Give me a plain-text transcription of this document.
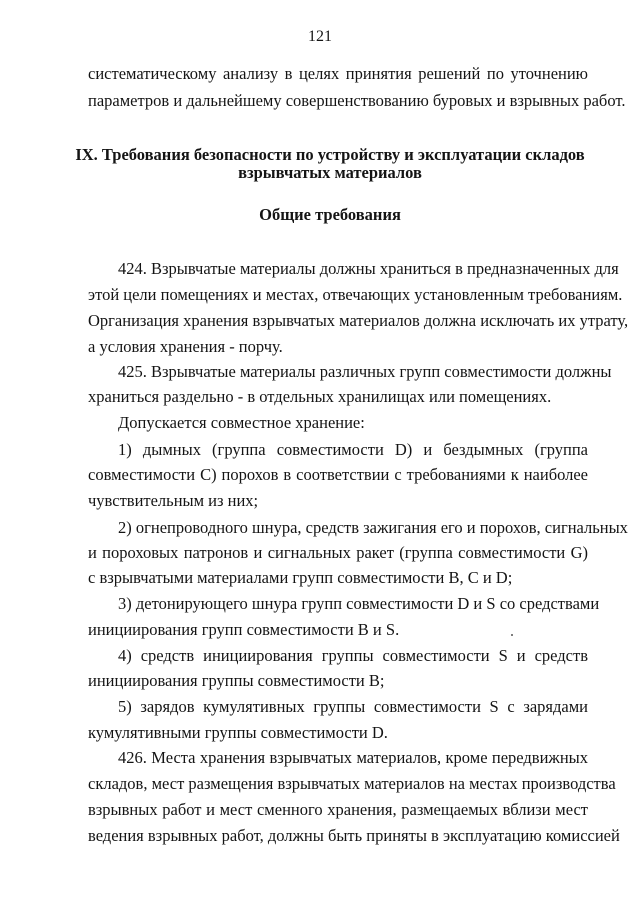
121
систематическому анализу в целях принятия решений по уточнению
параметров и дальнейшему совершенствованию буровых и взрывных работ.
IX. Требования безопасности по устройству и эксплуатации складов
взрывчатых материалов
Общие требования
424. Взрывчатые материалы должны храниться в предназначенных для
этой цели помещениях и местах, отвечающих установленным требованиям.
Организация хранения взрывчатых материалов должна исключать их утрату,
а условия хранения - порчу.
425. Взрывчатые материалы различных групп совместимости должны
храниться раздельно - в отдельных хранилищах или помещениях.
Допускается совместное хранение:
1) дымных (группа совместимости D) и бездымных (группа
совместимости C) порохов в соответствии с требованиями к наиболее
чувствительным из них;
2) огнепроводного шнура, средств зажигания его и порохов, сигнальных
и пороховых патронов и сигнальных ракет (группа совместимости G)
с взрывчатыми материалами групп совместимости B, C и D;
3) детонирующего шнура групп совместимости D и S со средствами
инициирования групп совместимости B и S.
4) средств инициирования группы совместимости S и средств
инициирования группы совместимости B;
5) зарядов кумулятивных группы совместимости S с зарядами
кумулятивными группы совместимости D.
426. Места хранения взрывчатых материалов, кроме передвижных
складов, мест размещения взрывчатых материалов на местах производства
взрывных работ и мест сменного хранения, размещаемых вблизи мест
ведения взрывных работ, должны быть приняты в эксплуатацию комиссией
